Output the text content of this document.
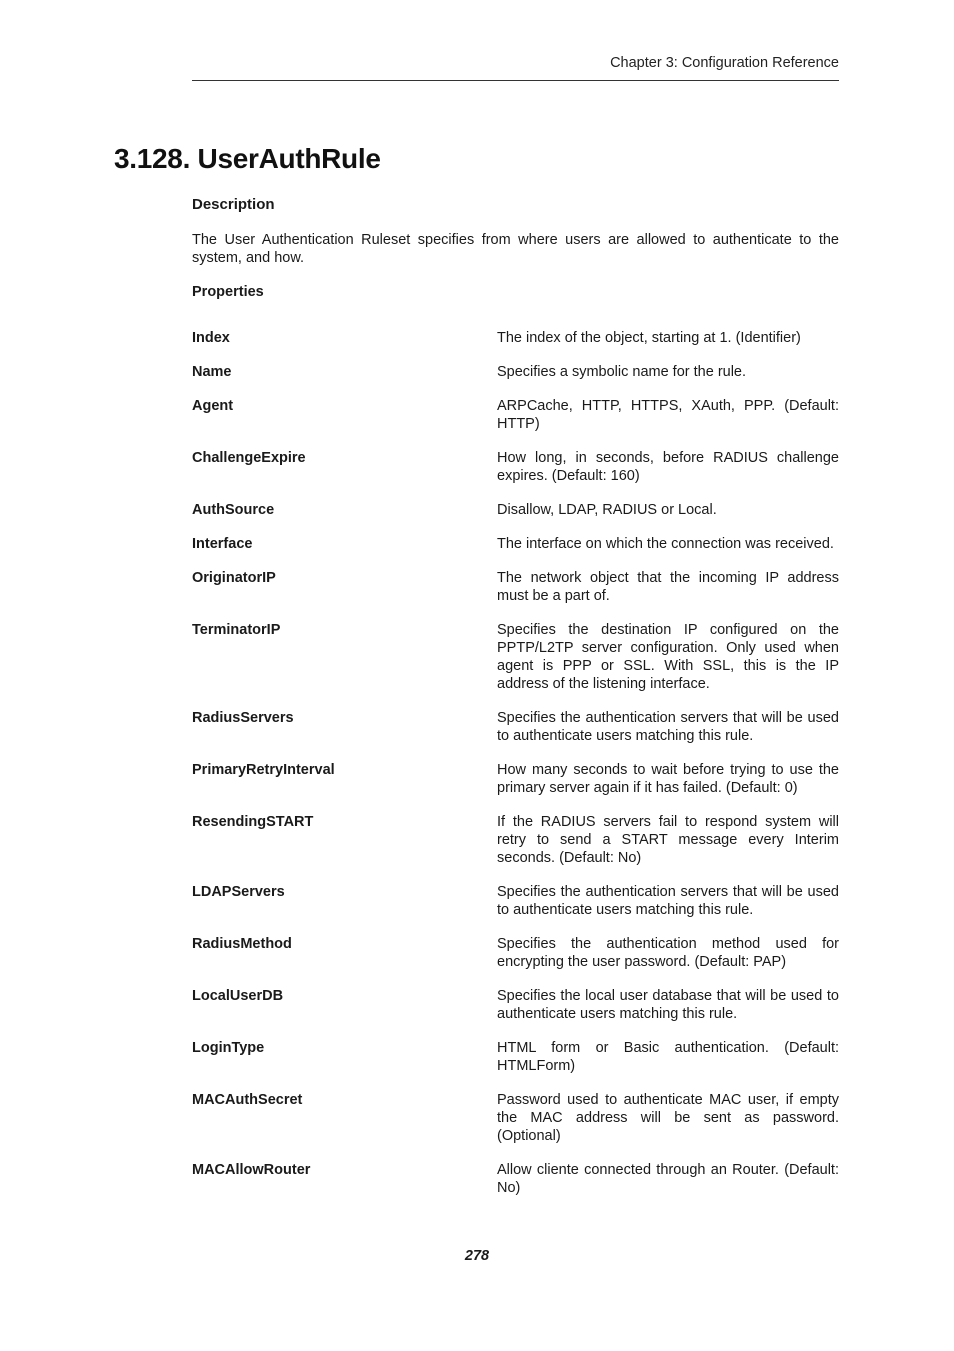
Chapter 3: Configuration Reference
3.128. UserAuthRule
Description

The User Authentication Ruleset specifies from where users are allowed to authenticate to the system, and how.

Properties
Index	The index of the object, starting at 1. (Identifier)
Name	Specifies a symbolic name for the rule.
Agent	ARPCache, HTTP, HTTPS, XAuth, PPP. (Default: HTTP)
ChallengeExpire	How long, in seconds, before RADIUS challenge expires. (Default: 160)
AuthSource	Disallow, LDAP, RADIUS or Local.
Interface	The interface on which the connection was received.
OriginatorIP	The network object that the incoming IP address must be a part of.
TerminatorIP	Specifies the destination IP configured on the PPTP/L2TP server configuration. Only used when agent is PPP or SSL. With SSL, this is the IP address of the listening interface.
RadiusServers	Specifies the authentication servers that will be used to authenticate users matching this rule.
PrimaryRetryInterval	How many seconds to wait before trying to use the primary server again if it has failed. (Default: 0)
ResendingSTART	If the RADIUS servers fail to respond system will retry to send a START message every Interim seconds. (Default: No)
LDAPServers	Specifies the authentication servers that will be used to authenticate users matching this rule.
RadiusMethod	Specifies the authentication method used for encrypting the user password. (Default: PAP)
LocalUserDB	Specifies the local user database that will be used to authenticate users matching this rule.
LoginType	HTML form or Basic authentication. (Default: HTMLForm)
MACAuthSecret	Password used to authenticate MAC user, if empty the MAC address will be sent as password. (Optional)
MACAllowRouter	Allow cliente connected through an Router. (Default: No)
278
